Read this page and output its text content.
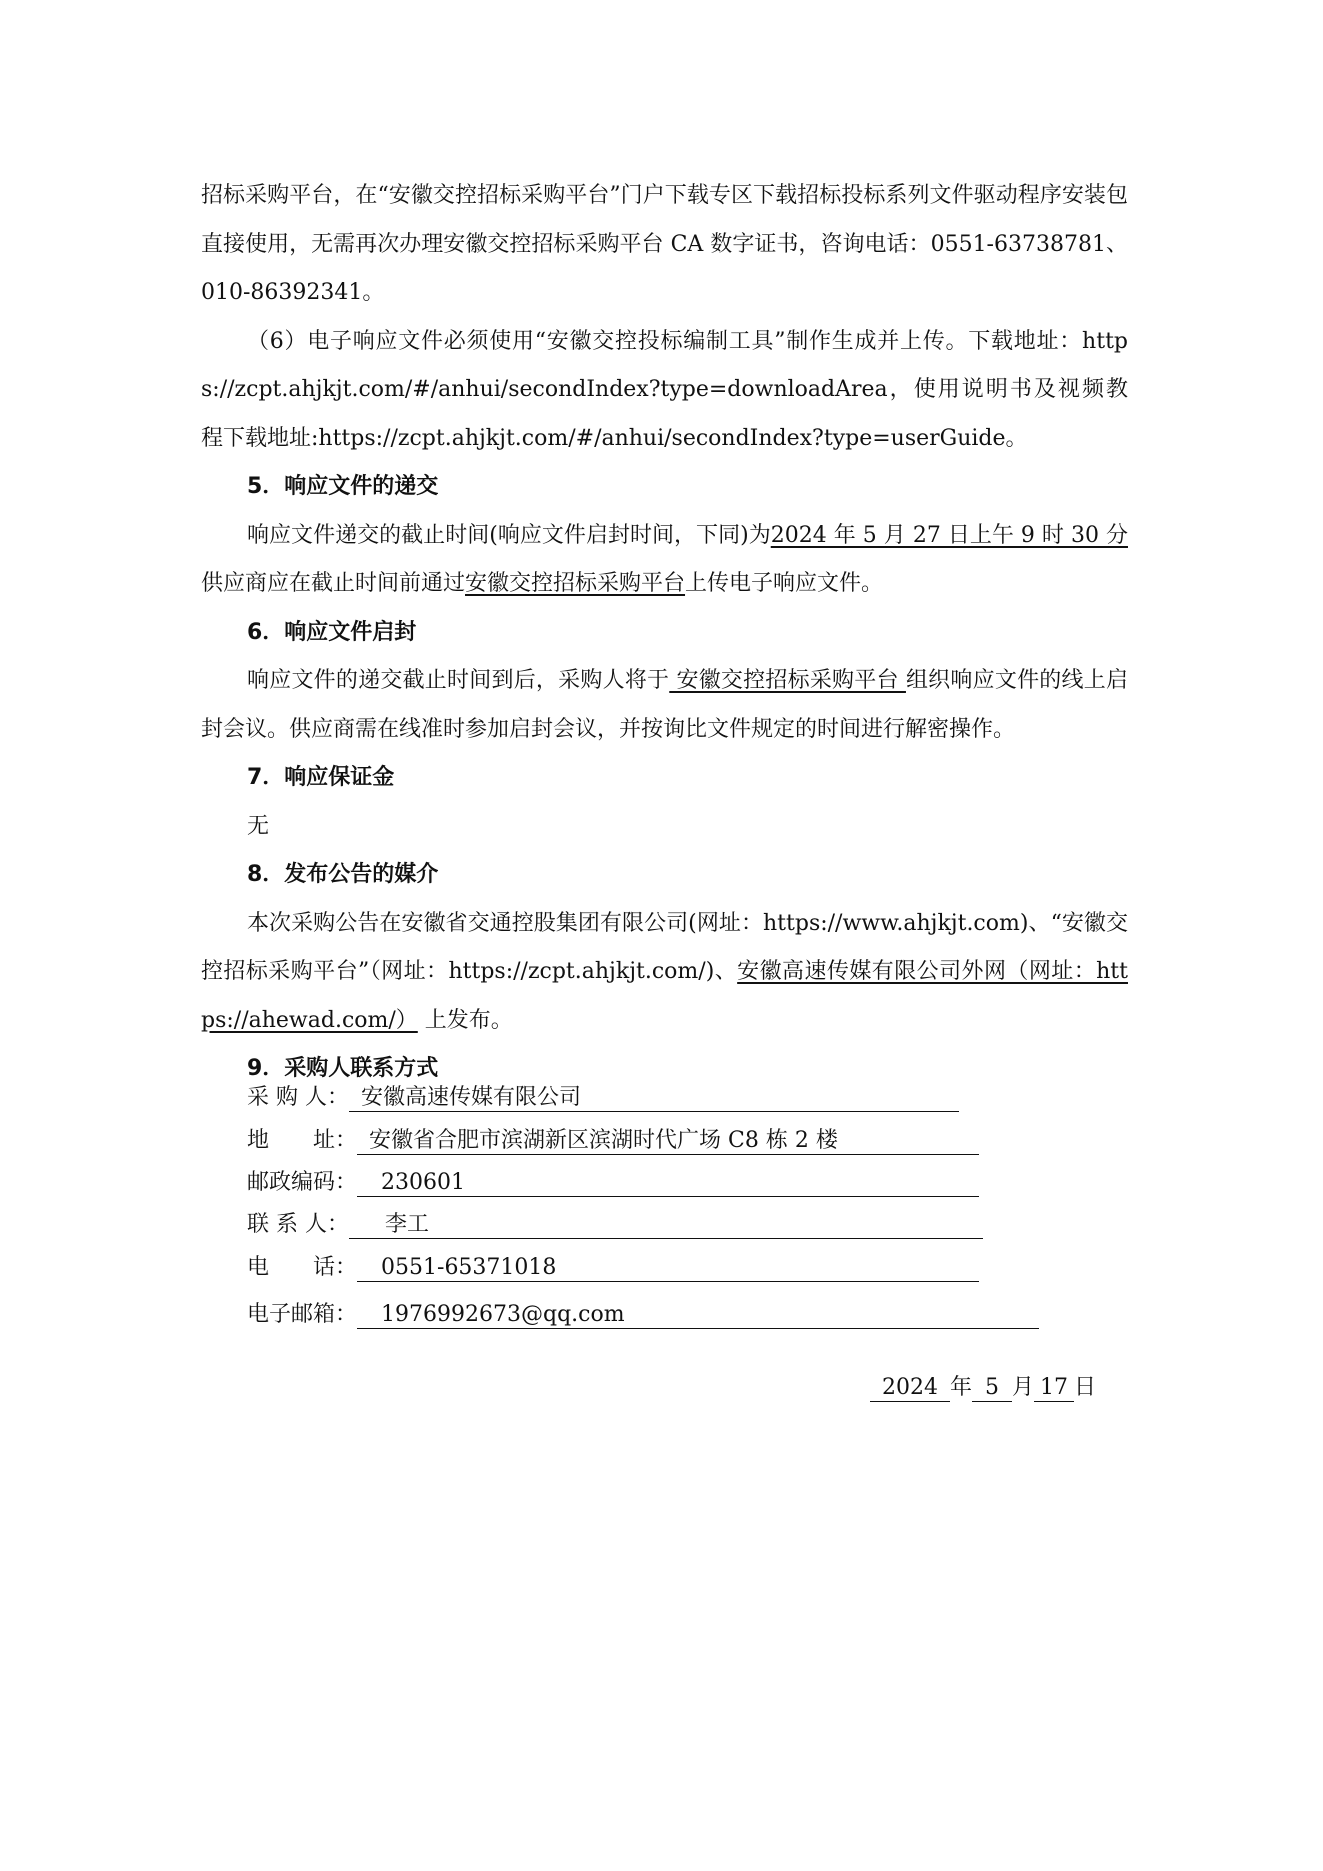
招标采购平台，在“安徽交控招标采购平台”门户下载专区下载招标投标系列文件驱动程序安装包直接使用，无需再次办理安徽交控招标采购平台 CA 数字证书，咨询电话：0551-63738781、010-86392341。

（6）电子响应文件必须使用“安徽交控投标编制工具”制作生成并上传。下载地址：https://zcpt.ahjkjt.com/#/anhui/secondIndex?type=downloadArea，使用说明书及视频教程下载地址:https://zcpt.ahjkjt.com/#/anhui/secondIndex?type=userGuide。

5．响应文件的递交

响应文件递交的截止时间(响应文件启封时间，下同)为2024 年 5 月 27 日上午 9 时 30 分 供应商应在截止时间前通过安徽交控招标采购平台上传电子响应文件。

6．响应文件启封

响应文件的递交截止时间到后，采购人将于 安徽交控招标采购平台 组织响应文件的线上启封会议。供应商需在线准时参加启封会议，并按询比文件规定的时间进行解密操作。

7．响应保证金

无

8．发布公告的媒介

本次采购公告在安徽省交通控股集团有限公司(网址：https://www.ahjkjt.com)、“安徽交控招标采购平台”（网址：https://zcpt.ahjkjt.com/)、安徽高速传媒有限公司外网（网址：https://ahewad.com/） 上发布。

9．采购人联系方式
采 购 人： 安徽高速传媒有限公司
地　　址： 安徽省合肥市滨湖新区滨湖时代广场 C8 栋 2 楼
邮政编码： 230601
联 系 人： 李工
电　　话： 0551-65371018
电子邮箱： 1976992673@qq.com
2024 年 5 月 17 日
